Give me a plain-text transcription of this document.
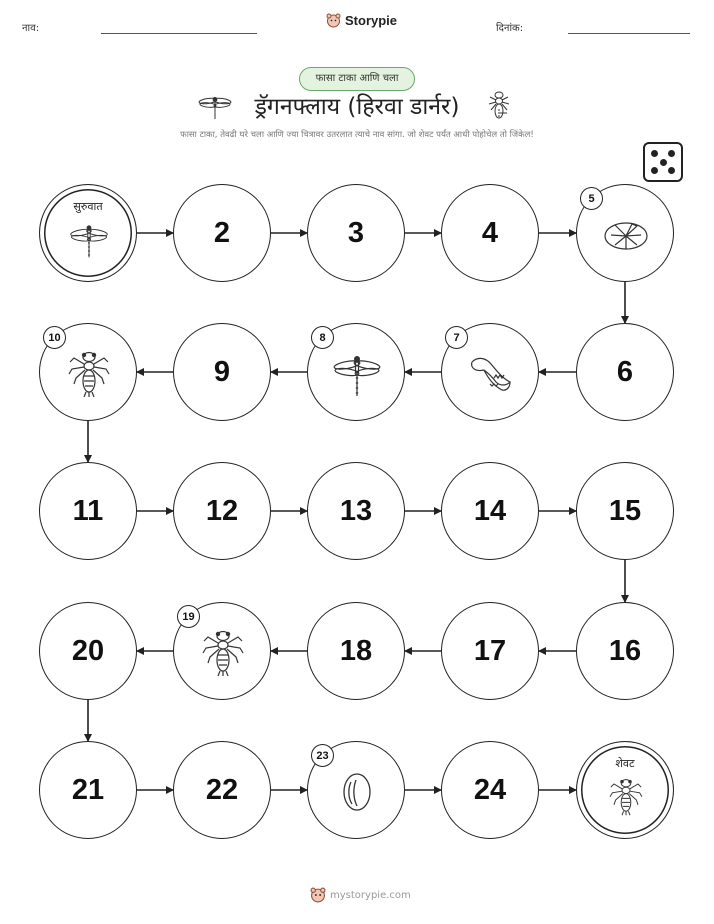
नाव:
Storypie
दिनांक:
फासा टाका आणि चला
ड्रॅगनफ्लाय (हिरवा डार्नर)
फासा टाका, तेवढी घरे चला आणि ज्या चित्रावर उतरलात त्याचे नाव सांगा. जो शेवट पर्यंत आधी पोहोचेल तो जिंकेल!
सुरुवात
2	3	4
5
6
7
8
9
10
11	12	13	14	15
16
17
18
19
20
21	22
23
24
शेवट
mystorypie.com
